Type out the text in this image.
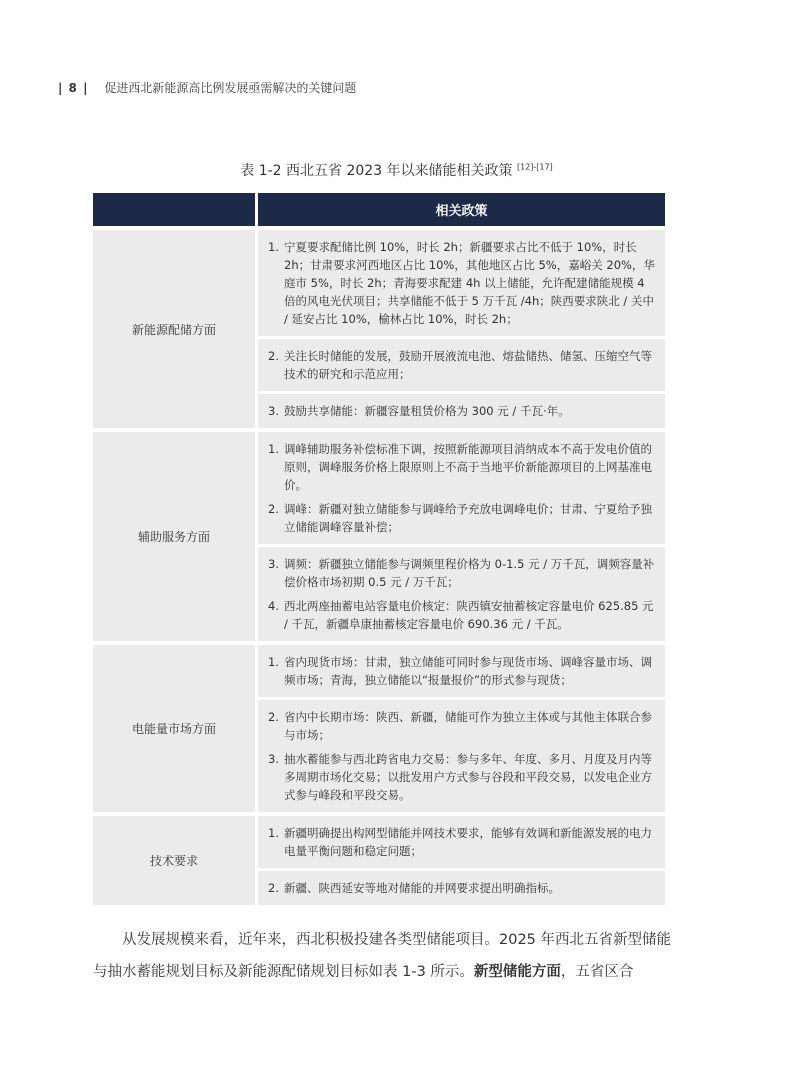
| 8 | 促进西北新能源高比例发展亟需解决的关键问题
表 1-2 西北五省 2023 年以来储能相关政策 [12]-[17]
相关政策
新能源配储方面
1. 宁夏要求配储比例 10%，时长 2h；新疆要求占比不低于 10%，时长 2h；甘肃要求河西地区占比 10%，其他地区占比 5%，嘉峪关 20%，华庭市 5%，时长 2h；青海要求配建 4h 以上储能，允许配建储能规模 4 倍的风电光伏项目；共享储能不低于 5 万千瓦 /4h；陕西要求陕北 / 关中 / 延安占比 10%，榆林占比 10%，时长 2h；
2. 关注长时储能的发展，鼓励开展液流电池、熔盐储热、储氢、压缩空气等技术的研究和示范应用；
3. 鼓励共享储能：新疆容量租赁价格为 300 元 / 千瓦·年。
辅助服务方面
1. 调峰辅助服务补偿标准下调，按照新能源项目消纳成本不高于发电价值的原则，调峰服务价格上限原则上不高于当地平价新能源项目的上网基准电价。
2. 调峰：新疆对独立储能参与调峰给予充放电调峰电价；甘肃、宁夏给予独立储能调峰容量补偿；
3. 调频：新疆独立储能参与调频里程价格为 0-1.5 元 / 万千瓦，调频容量补偿价格市场初期 0.5 元 / 万千瓦；
4. 西北两座抽蓄电站容量电价核定：陕西镇安抽蓄核定容量电价 625.85 元 / 千瓦，新疆阜康抽蓄核定容量电价 690.36 元 / 千瓦。
电能量市场方面
1. 省内现货市场：甘肃，独立储能可同时参与现货市场、调峰容量市场、调频市场；青海，独立储能以“报量报价”的形式参与现货；
2. 省内中长期市场：陕西、新疆，储能可作为独立主体或与其他主体联合参与市场；
3. 抽水蓄能参与西北跨省电力交易：参与多年、年度、多月、月度及月内等多周期市场化交易；以批发用户方式参与谷段和平段交易，以发电企业方式参与峰段和平段交易。
技术要求
1. 新疆明确提出构网型储能并网技术要求，能够有效调和新能源发展的电力电量平衡问题和稳定问题；
2. 新疆、陕西延安等地对储能的并网要求提出明确指标。
从发展规模来看，近年来，西北积极投建各类型储能项目。2025 年西北五省新型储能与抽水蓄能规划目标及新能源配储规划目标如表 1-3 所示。新型储能方面，五省区合
